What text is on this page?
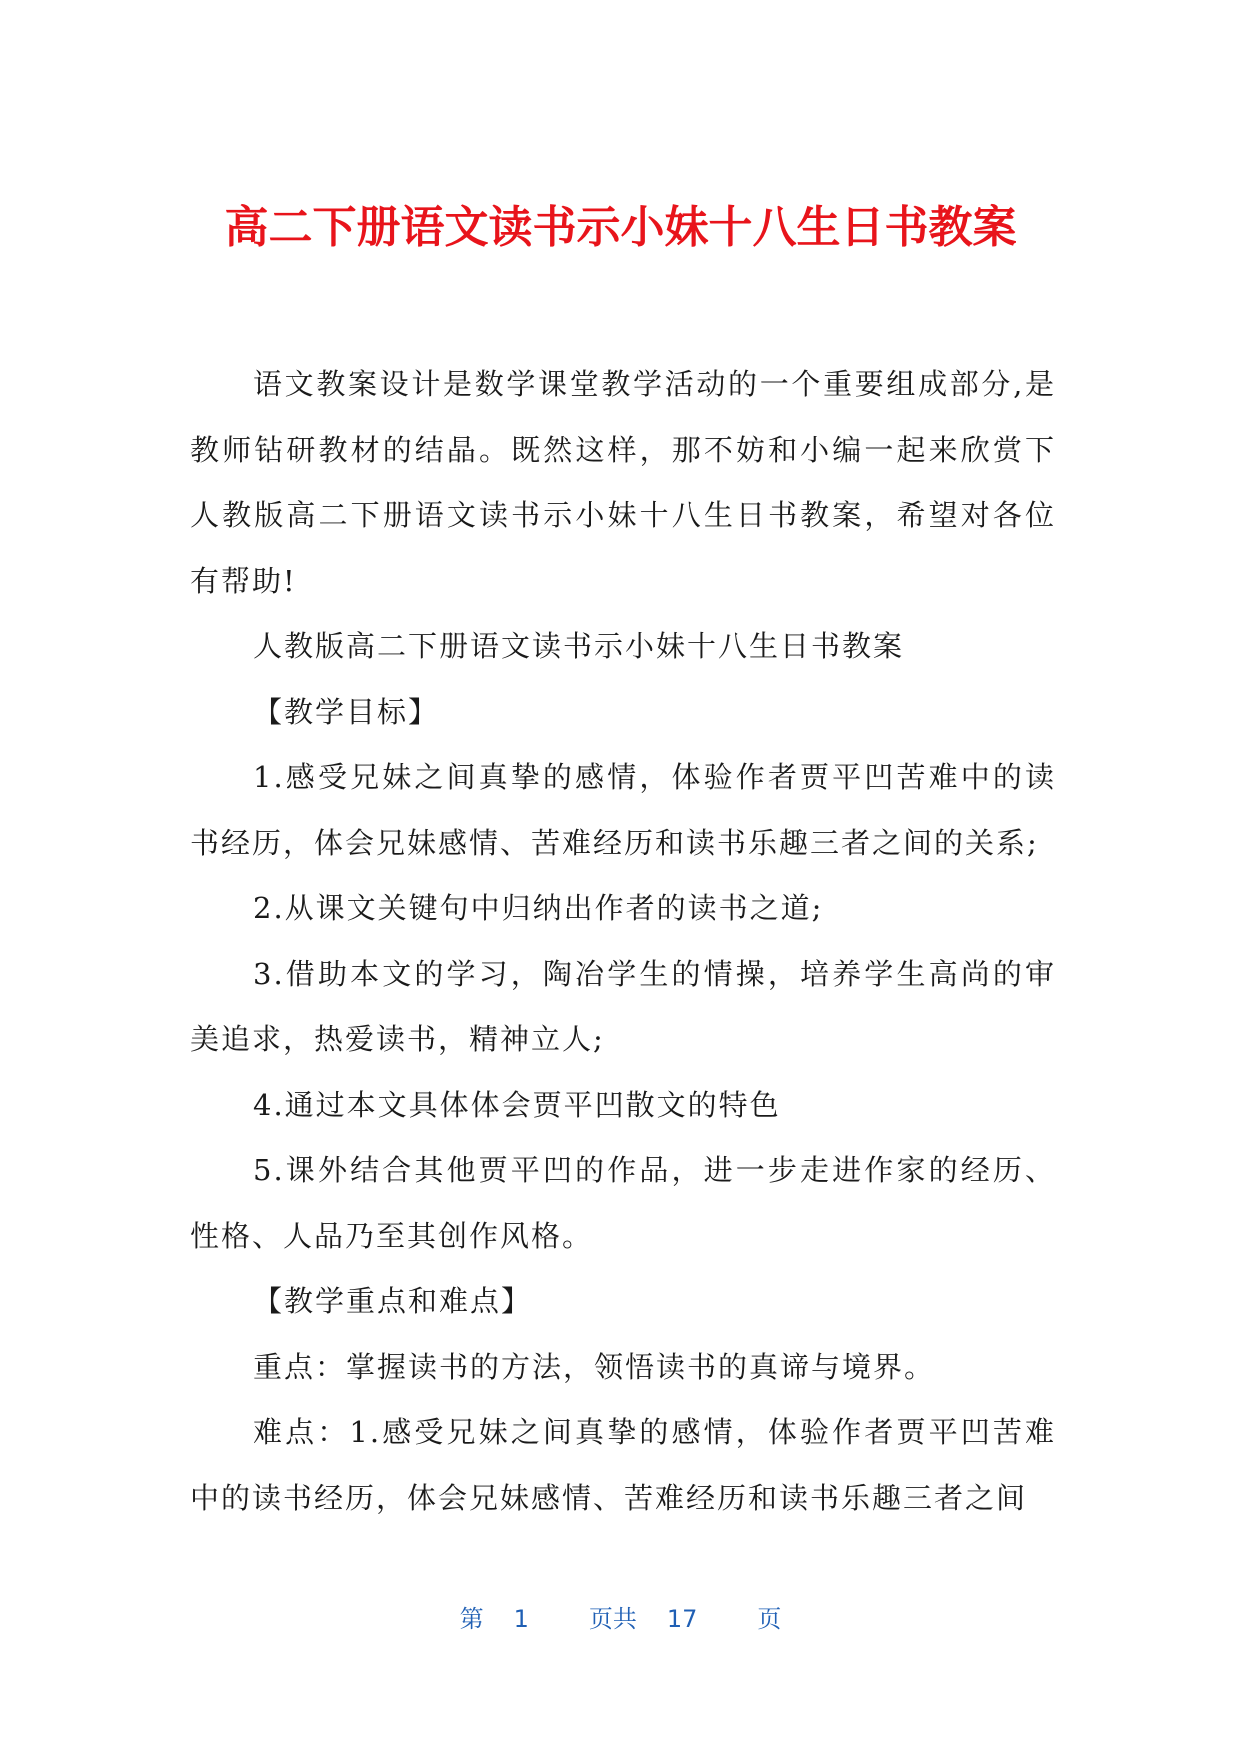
高二下册语文读书示小妹十八生日书教案

语文教案设计是数学课堂教学活动的一个重要组成部分,是教师钻研教材的结晶。既然这样，那不妨和小编一起来欣赏下人教版高二下册语文读书示小妹十八生日书教案，希望对各位有帮助!

人教版高二下册语文读书示小妹十八生日书教案

【教学目标】

1.感受兄妹之间真挚的感情，体验作者贾平凹苦难中的读书经历，体会兄妹感情、苦难经历和读书乐趣三者之间的关系;

2.从课文关键句中归纳出作者的读书之道;

3.借助本文的学习，陶冶学生的情操，培养学生高尚的审美追求，热爱读书，精神立人;

4.通过本文具体体会贾平凹散文的特色

5.课外结合其他贾平凹的作品，进一步走进作家的经历、性格、人品乃至其创作风格。

【教学重点和难点】

重点：掌握读书的方法，领悟读书的真谛与境界。

难点：1.感受兄妹之间真挚的感情，体验作者贾平凹苦难中的读书经历，体会兄妹感情、苦难经历和读书乐趣三者之间

第 1	页共 17	页
